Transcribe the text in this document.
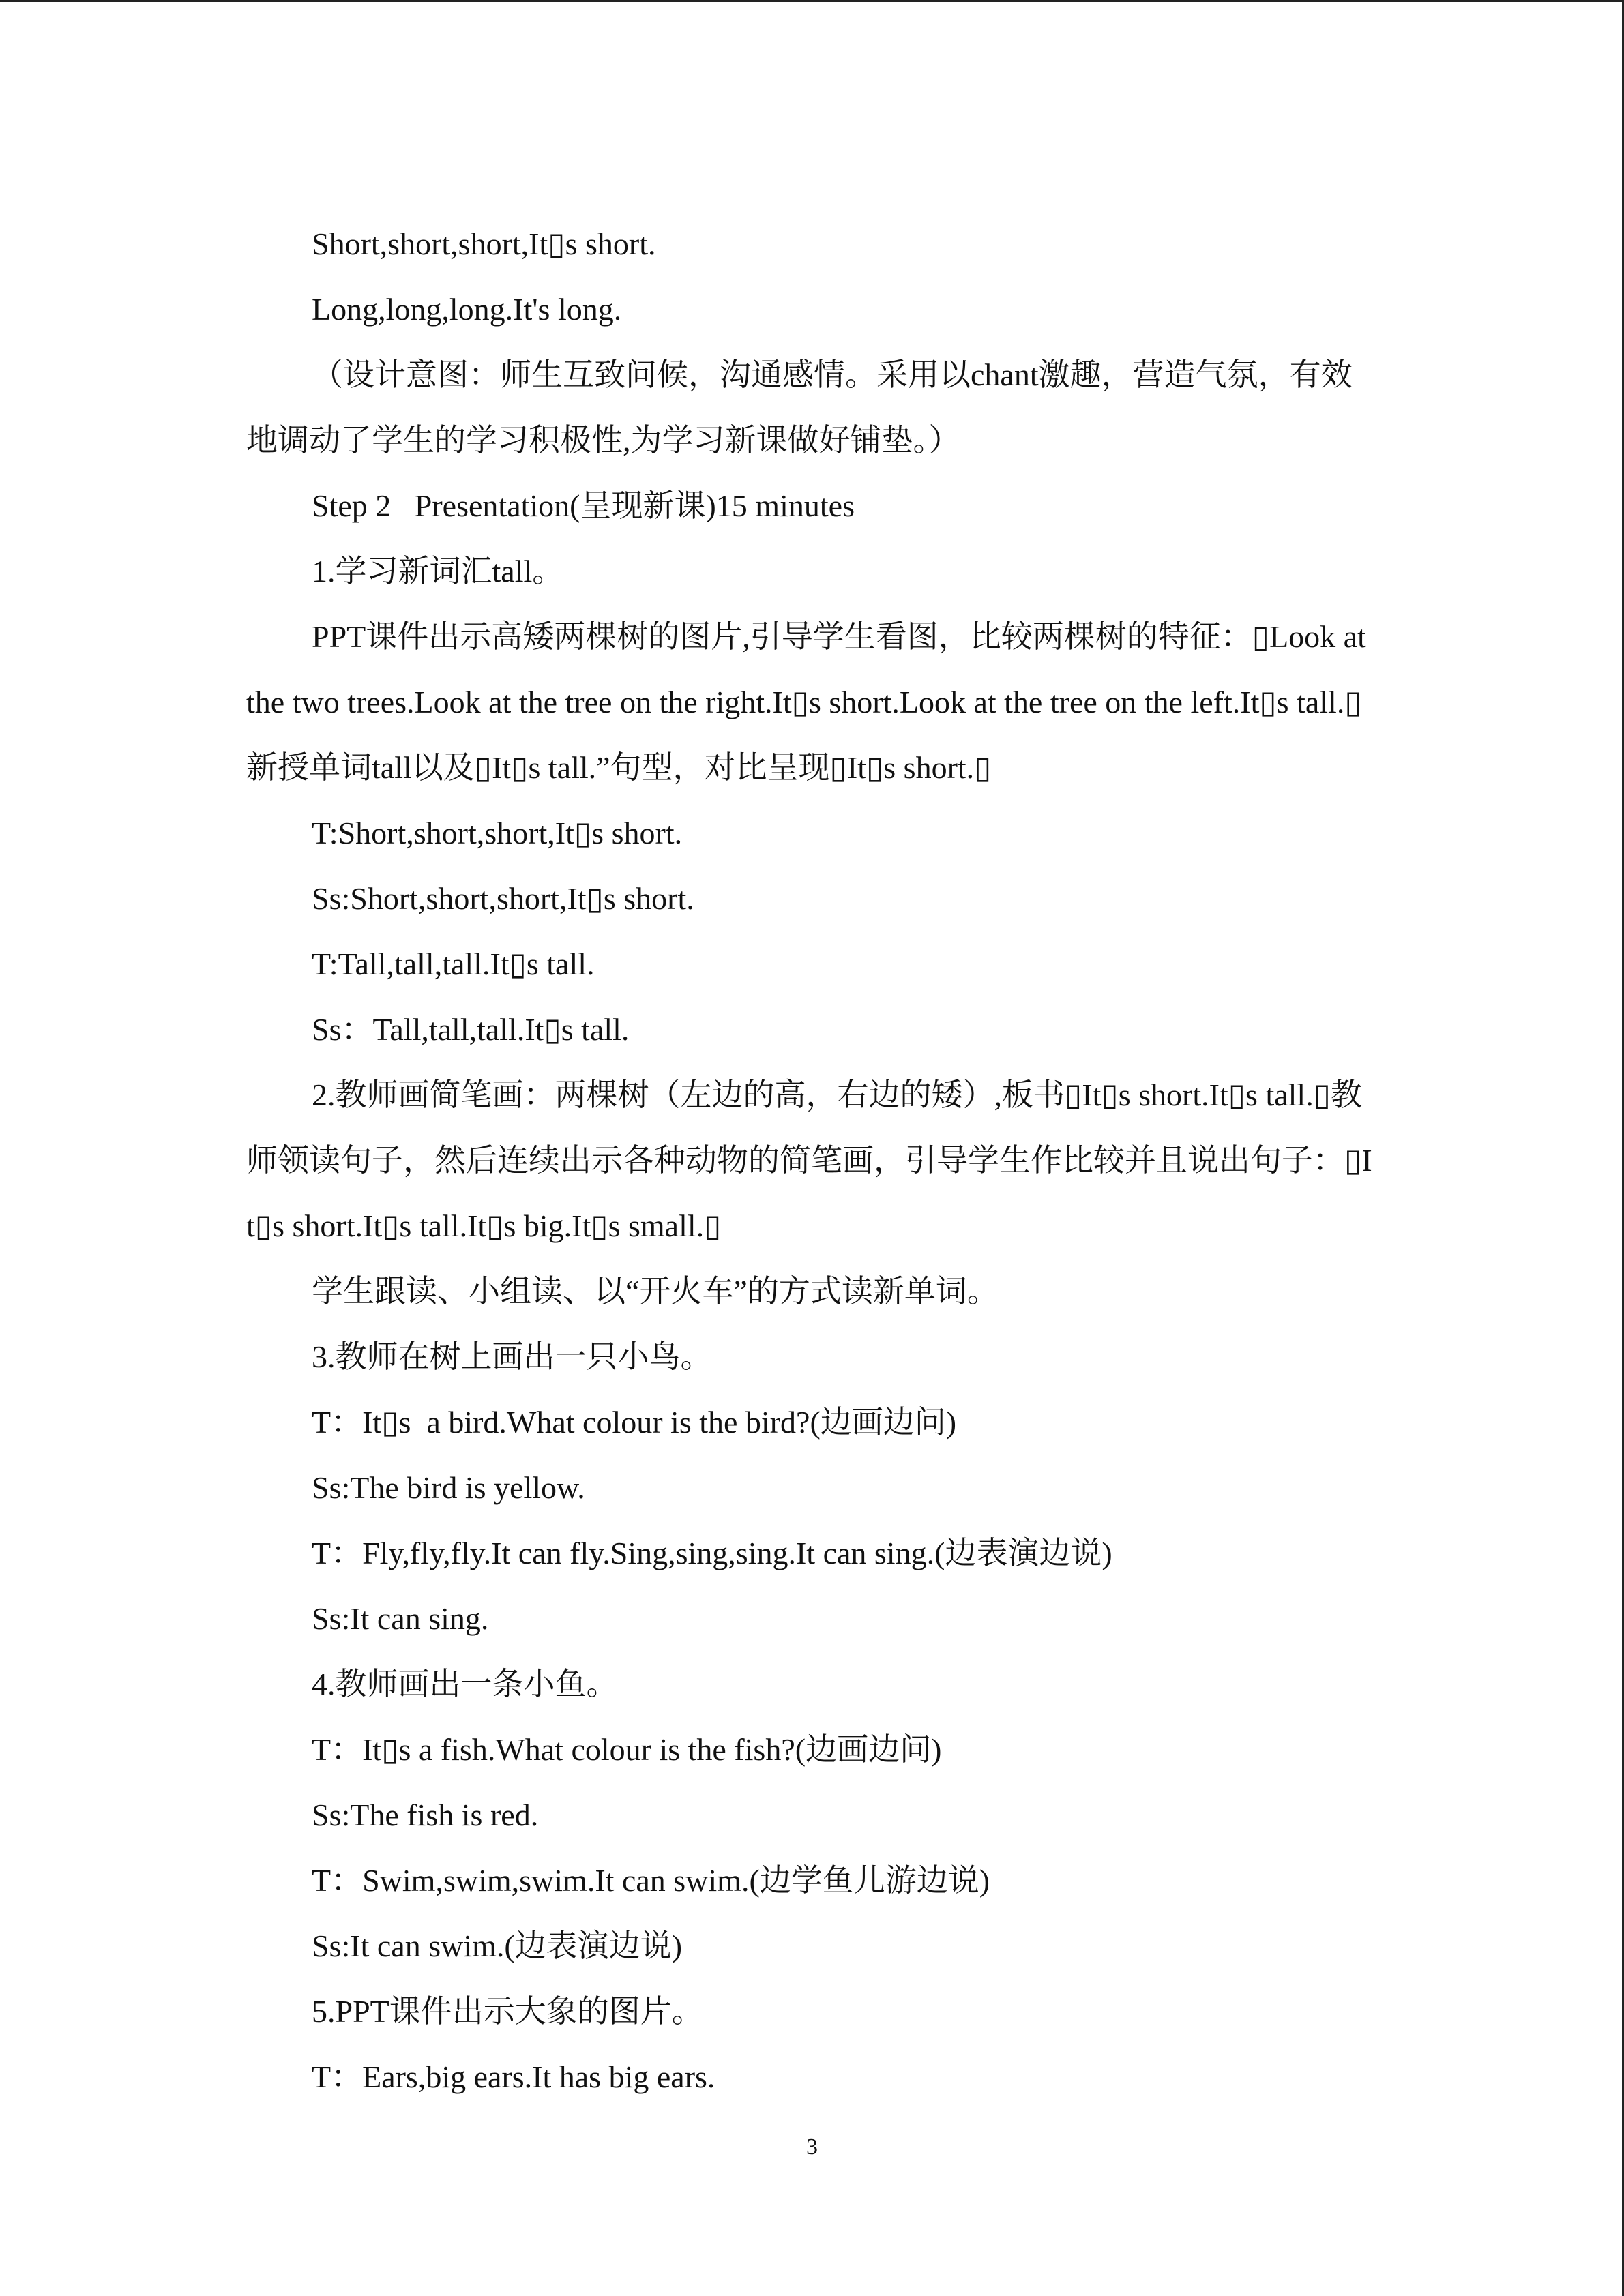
Short,short,short,It▯s short.

Long,long,long.It's long.

（设计意图：师生互致问候，沟通感情。采用以chant激趣，营造气氛，有效地调动了学生的学习积极性,为学习新课做好铺垫。）

Step 2   Presentation(呈现新课)15 minutes

1.学习新词汇tall。

PPT课件出示高矮两棵树的图片,引导学生看图，比较两棵树的特征：▯Look at the two trees.Look at the tree on the right.It▯s short.Look at the tree on the left.It▯s tall.▯新授单词tall以及▯It▯s tall.”句型，对比呈现▯It▯s short.▯

T:Short,short,short,It▯s short.

Ss:Short,short,short,It▯s short.

T:Tall,tall,tall.It▯s tall.

Ss：Tall,tall,tall.It▯s tall.

2.教师画简笔画：两棵树（左边的高，右边的矮）,板书▯It▯s short.It▯s tall.▯教师领读句子，然后连续出示各种动物的简笔画，引导学生作比较并且说出句子：▯It▯s short.It▯s tall.It▯s big.It▯s small.▯

学生跟读、小组读、以“开火车”的方式读新单词。

3.教师在树上画出一只小鸟。

T：It▯s  a bird.What colour is the bird?(边画边问)

Ss:The bird is yellow.

T：Fly,fly,fly.It can fly.Sing,sing,sing.It can sing.(边表演边说)

Ss:It can sing.

4.教师画出一条小鱼。

T：It▯s a fish.What colour is the fish?(边画边问)

Ss:The fish is red.

T：Swim,swim,swim.It can swim.(边学鱼儿游边说)

Ss:It can swim.(边表演边说)

5.PPT课件出示大象的图片。

T：Ears,big ears.It has big ears.

3
